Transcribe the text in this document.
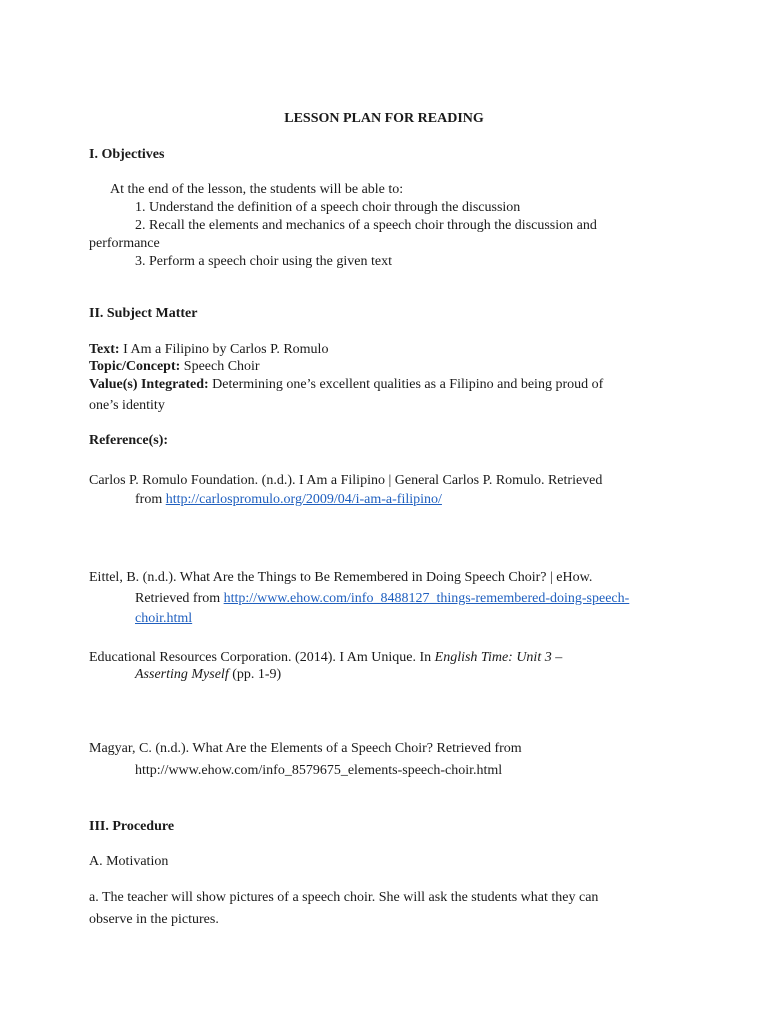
LESSON PLAN FOR READING
I. Objectives
At the end of the lesson, the students will be able to:
1. Understand the definition of a speech choir through the discussion
2. Recall the elements and mechanics of a speech choir through the discussion and
performance
3. Perform a speech choir using the given text
II. Subject Matter
Text: I Am a Filipino by Carlos P. Romulo
Topic/Concept: Speech Choir
Value(s) Integrated: Determining one’s excellent qualities as a Filipino and being proud of
one’s identity
Reference(s):
Carlos P. Romulo Foundation. (n.d.). I Am a Filipino | General Carlos P. Romulo. Retrieved
from http://carlospromulo.org/2009/04/i-am-a-filipino/
Eittel, B. (n.d.). What Are the Things to Be Remembered in Doing Speech Choir? | eHow.
Retrieved from http://www.ehow.com/info_8488127_things-remembered-doing-speech-
choir.html
Educational Resources Corporation. (2014). I Am Unique. In English Time: Unit 3 –
Asserting Myself (pp. 1-9)
Magyar, C. (n.d.). What Are the Elements of a Speech Choir? Retrieved from
http://www.ehow.com/info_8579675_elements-speech-choir.html
III. Procedure
A. Motivation
a. The teacher will show pictures of a speech choir. She will ask the students what they can
observe in the pictures.
